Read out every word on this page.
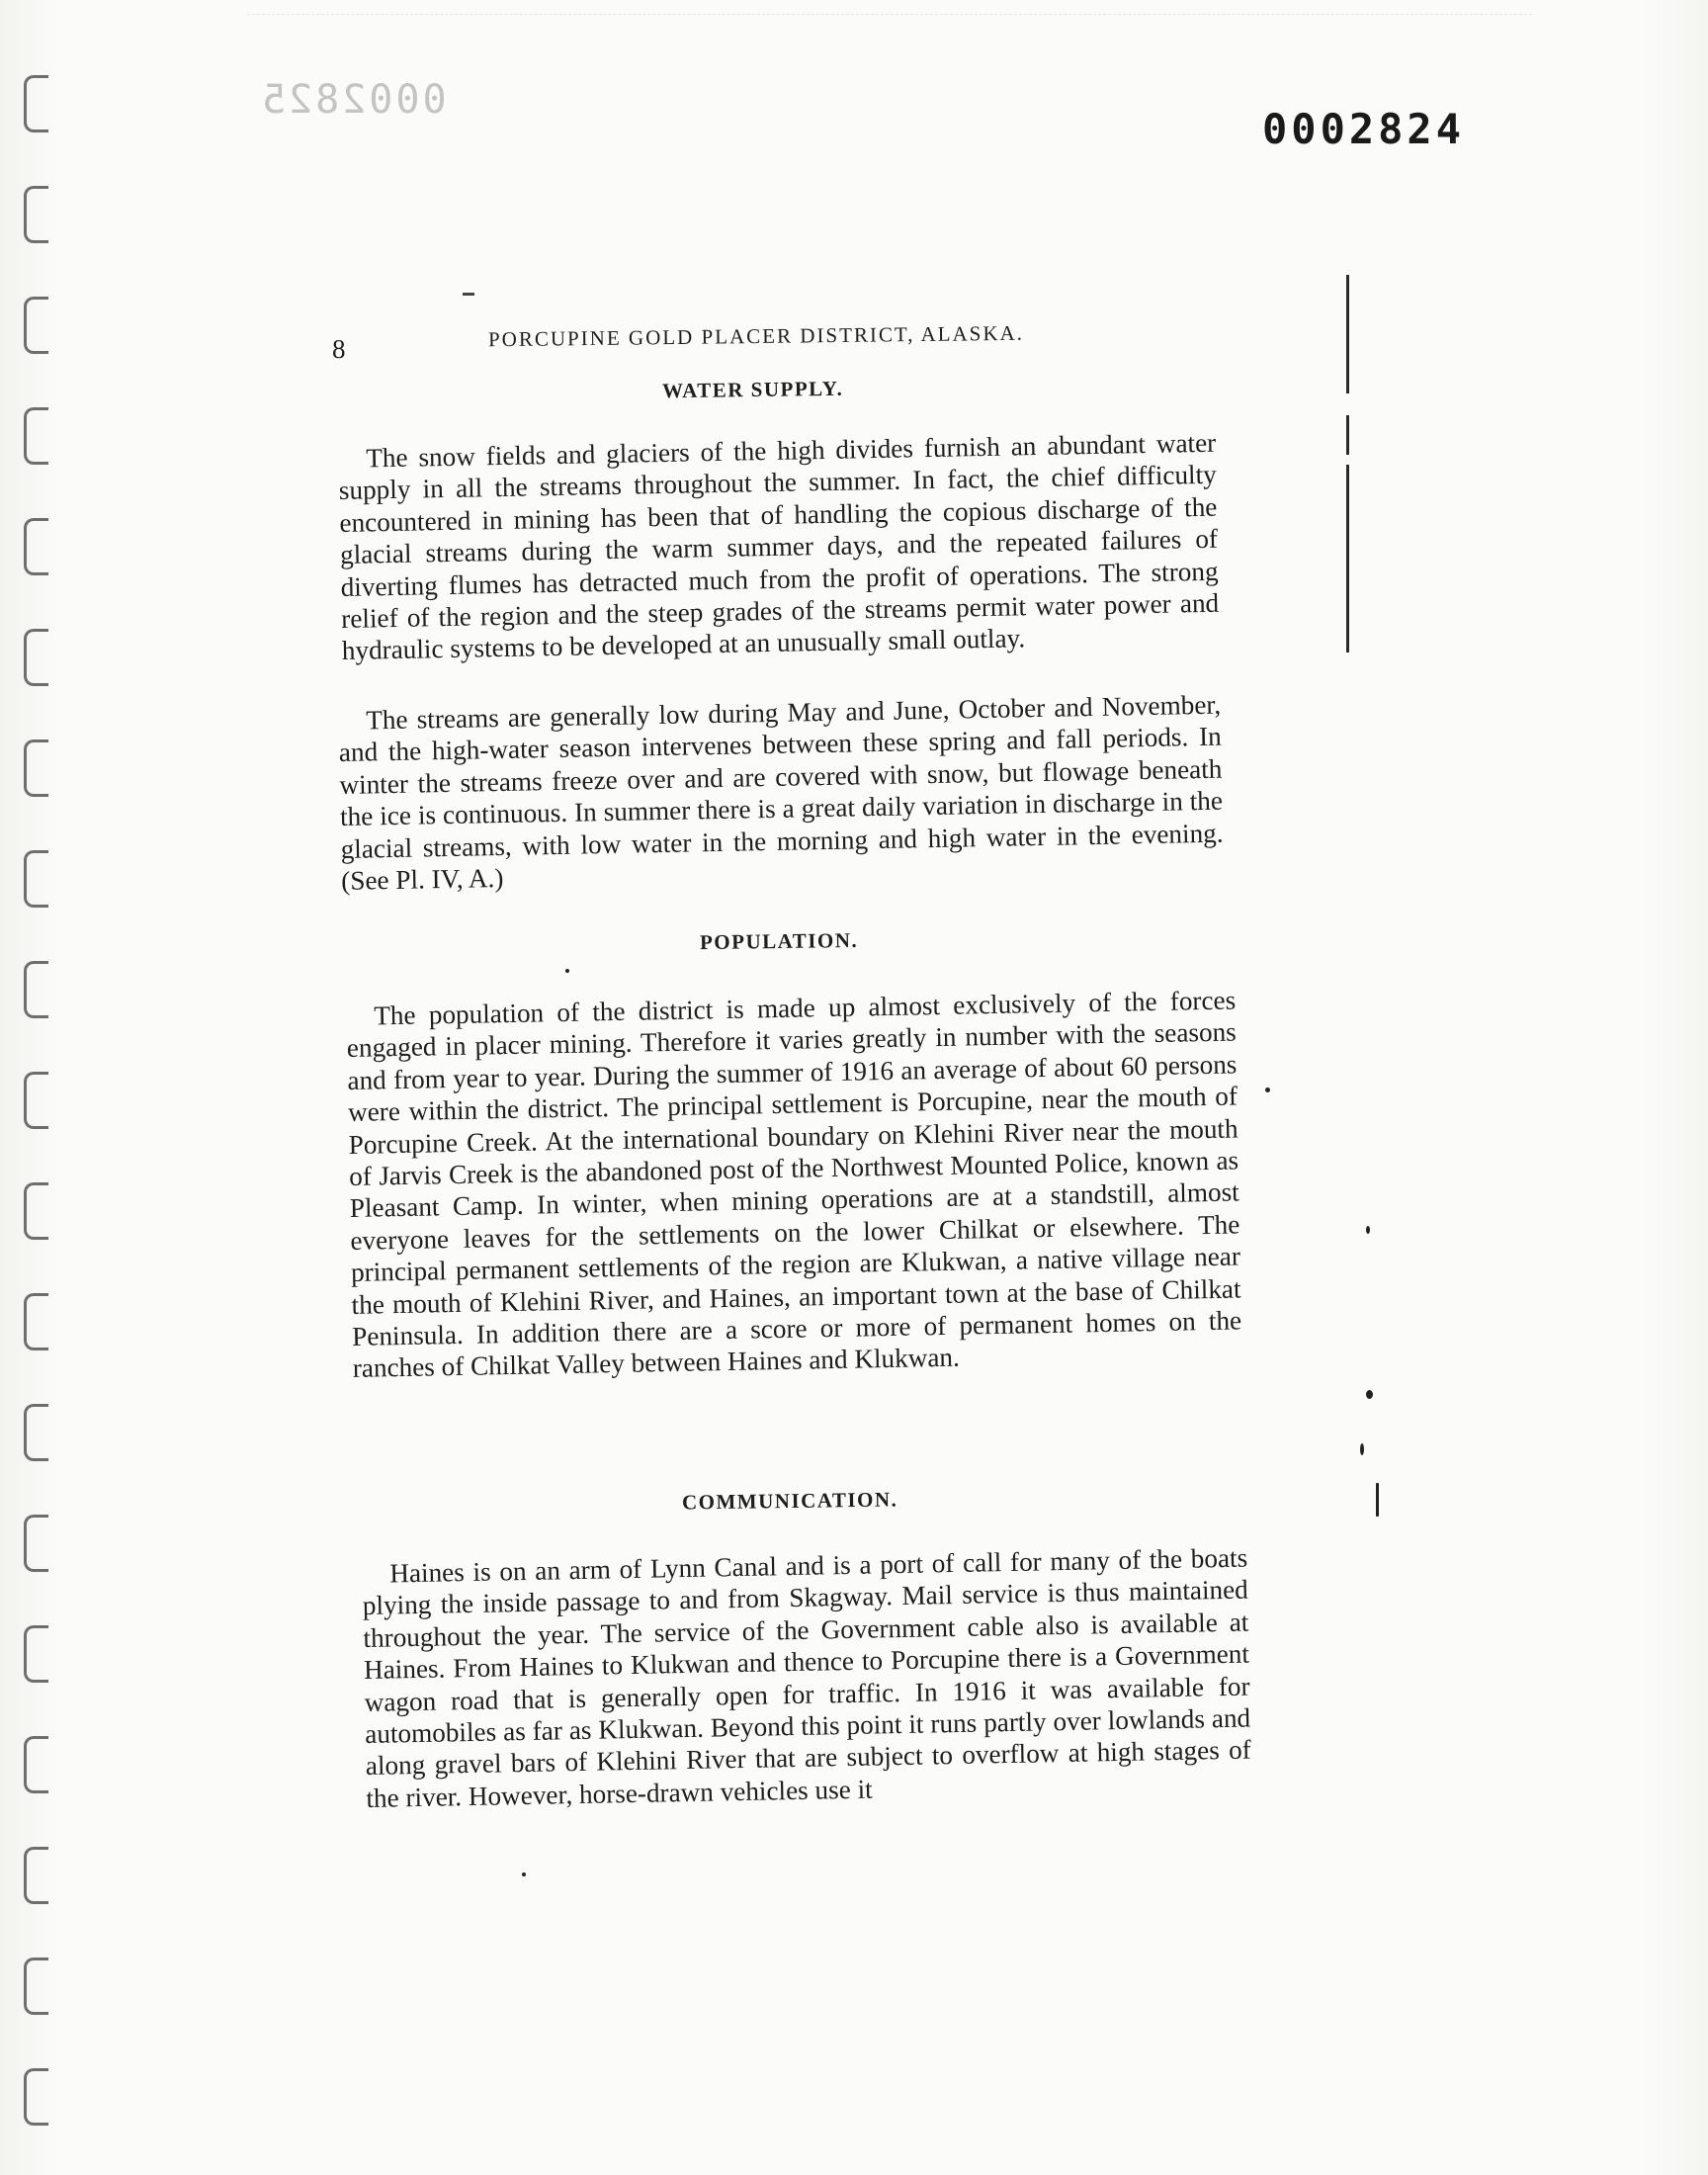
0002825
0002824
8	PORCUPINE GOLD PLACER DISTRICT, ALASKA.
WATER SUPPLY.

The snow fields and glaciers of the high divides furnish an abundant water supply in all the streams throughout the summer. In fact, the chief difficulty encountered in mining has been that of handling the copious discharge of the glacial streams during the warm summer days, and the repeated failures of diverting flumes has detracted much from the profit of operations. The strong relief of the region and the steep grades of the streams permit water power and hydraulic systems to be developed at an unusually small outlay.

The streams are generally low during May and June, October and November, and the high-water season intervenes between these spring and fall periods. In winter the streams freeze over and are covered with snow, but flowage beneath the ice is continuous. In summer there is a great daily variation in discharge in the glacial streams, with low water in the morning and high water in the evening. (See Pl. IV, A.)

POPULATION.

The population of the district is made up almost exclusively of the forces engaged in placer mining. Therefore it varies greatly in number with the seasons and from year to year. During the summer of 1916 an average of about 60 persons were within the district. The principal settlement is Porcupine, near the mouth of Porcupine Creek. At the international boundary on Klehini River near the mouth of Jarvis Creek is the abandoned post of the Northwest Mounted Police, known as Pleasant Camp. In winter, when mining operations are at a standstill, almost everyone leaves for the settlements on the lower Chilkat or elsewhere. The principal permanent settlements of the region are Klukwan, a native village near the mouth of Klehini River, and Haines, an important town at the base of Chilkat Peninsula. In addition there are a score or more of permanent homes on the ranches of Chilkat Valley between Haines and Klukwan.

COMMUNICATION.

Haines is on an arm of Lynn Canal and is a port of call for many of the boats plying the inside passage to and from Skagway. Mail service is thus maintained throughout the year. The service of the Government cable also is available at Haines. From Haines to Klukwan and thence to Porcupine there is a Government wagon road that is generally open for traffic. In 1916 it was available for automobiles as far as Klukwan. Beyond this point it runs partly over lowlands and along gravel bars of Klehini River that are subject to overflow at high stages of the river. However, horse-drawn vehicles use it
